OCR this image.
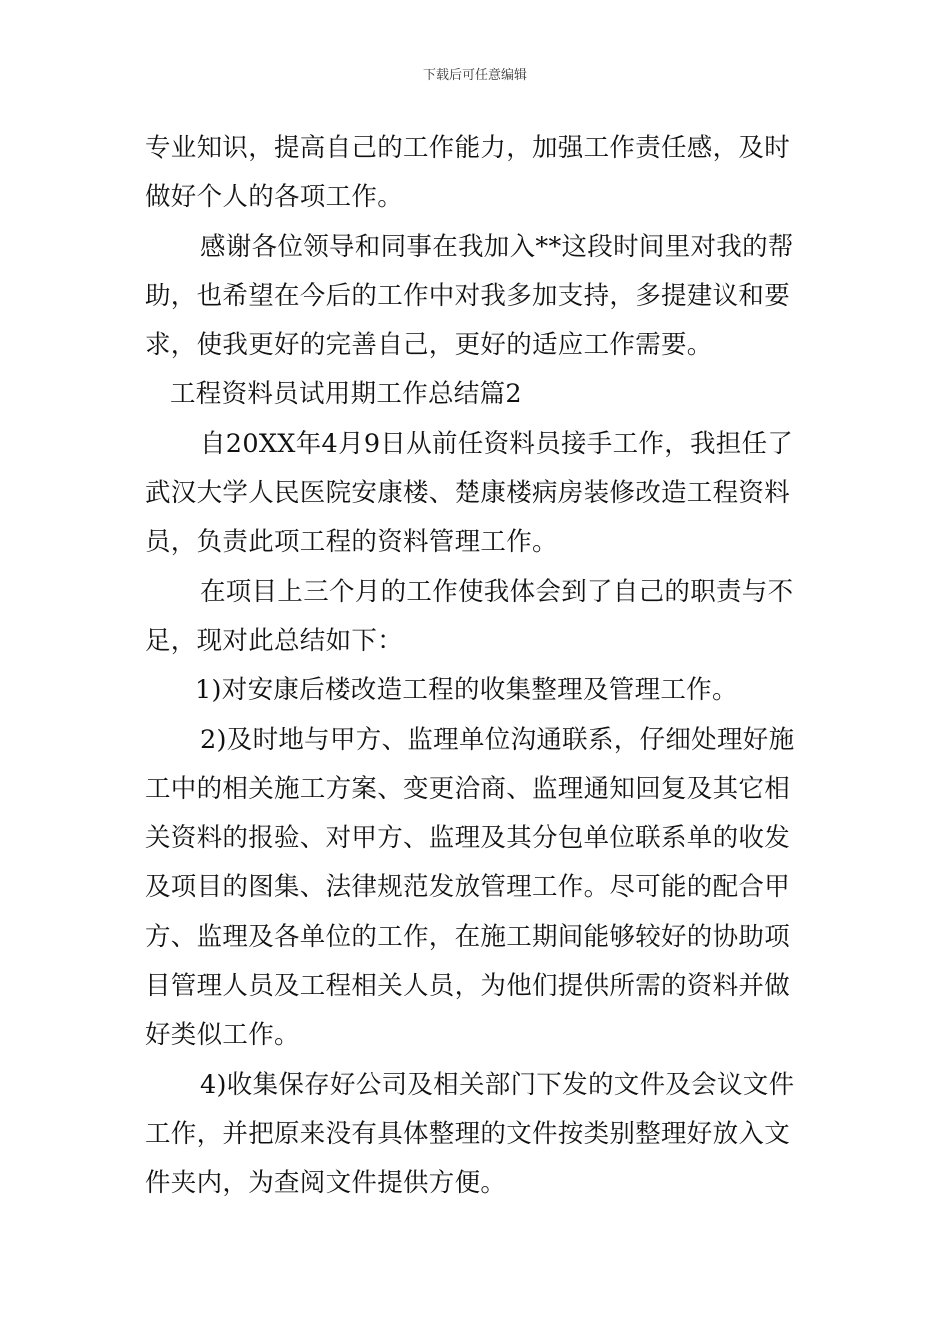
下载后可任意编辑
专业知识，提高自己的工作能力，加强工作责任感，及时
做好个人的各项工作。
感谢各位领导和同事在我加入**这段时间里对我的帮
助，也希望在今后的工作中对我多加支持，多提建议和要
求，使我更好的完善自己，更好的适应工作需要。
工程资料员试用期工作总结篇2
自20XX年4月9日从前任资料员接手工作，我担任了
武汉大学人民医院安康楼、楚康楼病房装修改造工程资料
员，负责此项工程的资料管理工作。
在项目上三个月的工作使我体会到了自己的职责与不
足，现对此总结如下：
1)对安康后楼改造工程的收集整理及管理工作。
2)及时地与甲方、监理单位沟通联系，仔细处理好施
工中的相关施工方案、变更洽商、监理通知回复及其它相
关资料的报验、对甲方、监理及其分包单位联系单的收发
及项目的图集、法律规范发放管理工作。尽可能的配合甲
方、监理及各单位的工作，在施工期间能够较好的协助项
目管理人员及工程相关人员，为他们提供所需的资料并做
好类似工作。
4)收集保存好公司及相关部门下发的文件及会议文件
工作，并把原来没有具体整理的文件按类别整理好放入文
件夹内，为查阅文件提供方便。
